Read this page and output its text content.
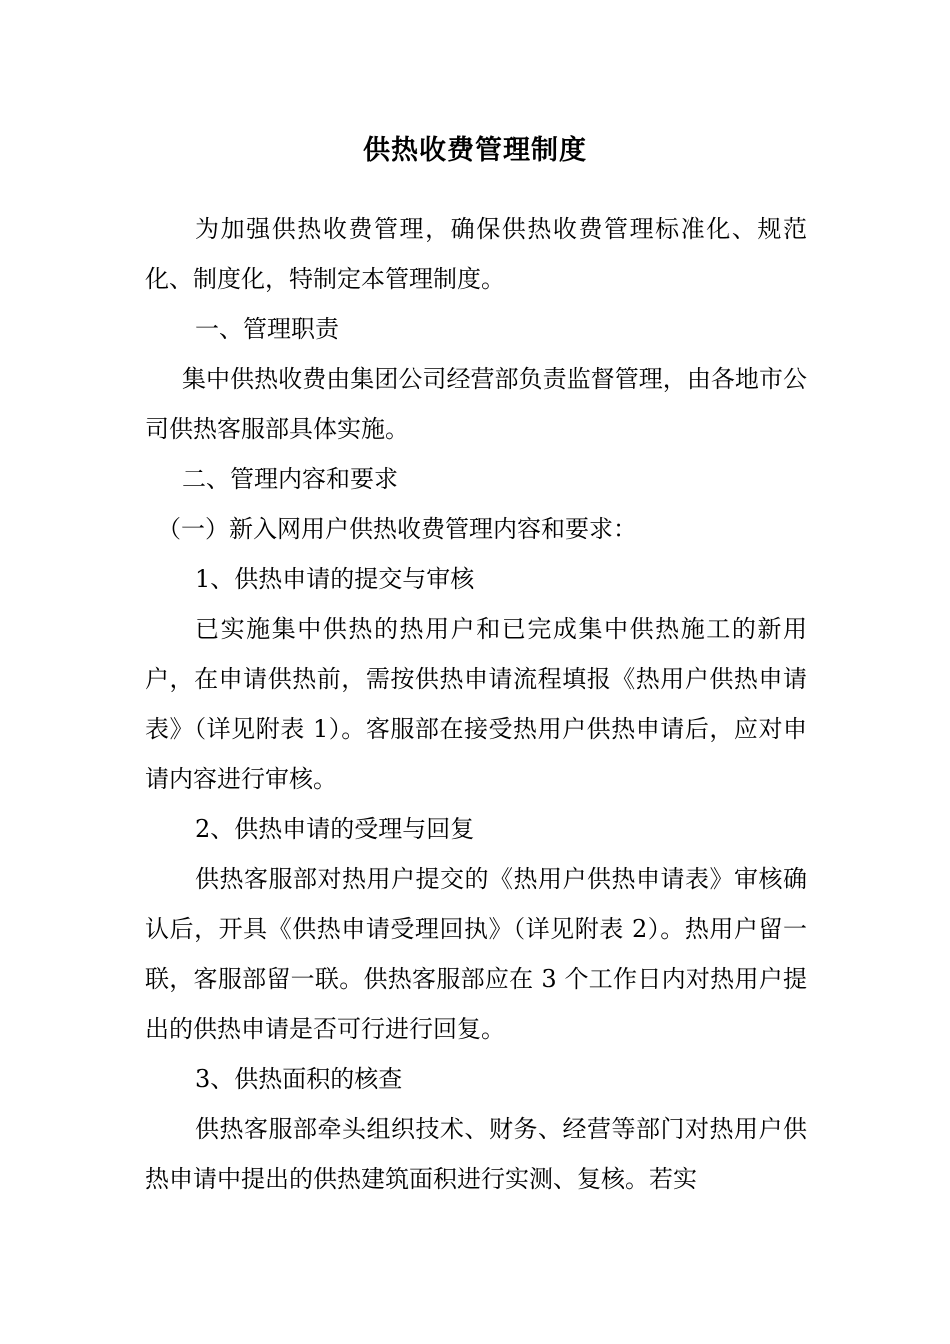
供热收费管理制度

为加强供热收费管理，确保供热收费管理标准化、规范化、制度化，特制定本管理制度。

一、管理职责

集中供热收费由集团公司经营部负责监督管理，由各地市公司供热客服部具体实施。

二、管理内容和要求

（一）新入网用户供热收费管理内容和要求：

1、供热申请的提交与审核

已实施集中供热的热用户和已完成集中供热施工的新用户，在申请供热前，需按供热申请流程填报《热用户供热申请表》（详见附表 1）。客服部在接受热用户供热申请后，应对申请内容进行审核。

2、供热申请的受理与回复

供热客服部对热用户提交的《热用户供热申请表》审核确认后，开具《供热申请受理回执》（详见附表 2）。热用户留一联，客服部留一联。供热客服部应在 3 个工作日内对热用户提出的供热申请是否可行进行回复。

3、供热面积的核查

供热客服部牵头组织技术、财务、经营等部门对热用户供热申请中提出的供热建筑面积进行实测、复核。若实
